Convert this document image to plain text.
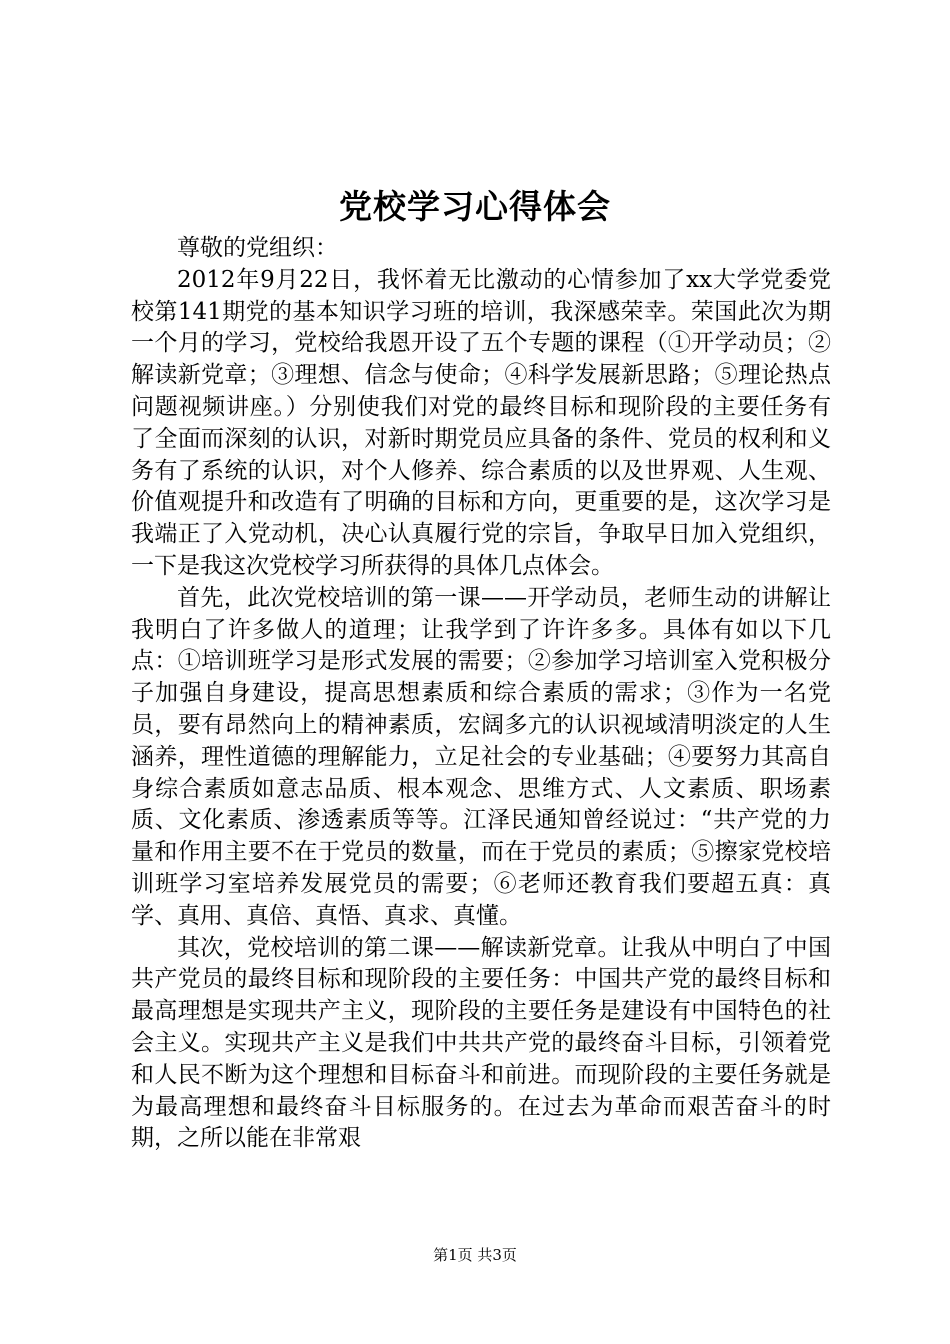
党校学习心得体会
尊敬的党组织：

2012年9月22日，我怀着无比激动的心情参加了xx大学党委党校第141期党的基本知识学习班的培训，我深感荣幸。荣国此次为期一个月的学习，党校给我恩开设了五个专题的课程（①开学动员；②解读新党章；③理想、信念与使命；④科学发展新思路；⑤理论热点问题视频讲座。）分别使我们对党的最终目标和现阶段的主要任务有了全面而深刻的认识，对新时期党员应具备的条件、党员的权利和义务有了系统的认识，对个人修养、综合素质的以及世界观、人生观、价值观提升和改造有了明确的目标和方向，更重要的是，这次学习是我端正了入党动机，决心认真履行党的宗旨，争取早日加入党组织，一下是我这次党校学习所获得的具体几点体会。

首先，此次党校培训的第一课——开学动员，老师生动的讲解让我明白了许多做人的道理；让我学到了许许多多。具体有如以下几点：①培训班学习是形式发展的需要；②参加学习培训室入党积极分子加强自身建设，提高思想素质和综合素质的需求；③作为一名党员，要有昂然向上的精神素质，宏阔多亢的认识视域清明淡定的人生涵养，理性道德的理解能力，立足社会的专业基础；④要努力其高自身综合素质如意志品质、根本观念、思维方式、人文素质、职场素质、文化素质、渗透素质等等。江泽民通知曾经说过：“共产党的力量和作用主要不在于党员的数量，而在于党员的素质；⑤擦家党校培训班学习室培养发展党员的需要；⑥老师还教育我们要超五真：真学、真用、真倍、真悟、真求、真懂。

其次，党校培训的第二课——解读新党章。让我从中明白了中国共产党员的最终目标和现阶段的主要任务：中国共产党的最终目标和最高理想是实现共产主义，现阶段的主要任务是建设有中国特色的社会主义。实现共产主义是我们中共共产党的最终奋斗目标，引领着党和人民不断为这个理想和目标奋斗和前进。而现阶段的主要任务就是为最高理想和最终奋斗目标服务的。在过去为革命而艰苦奋斗的时期，之所以能在非常艰

第1页 共3页
